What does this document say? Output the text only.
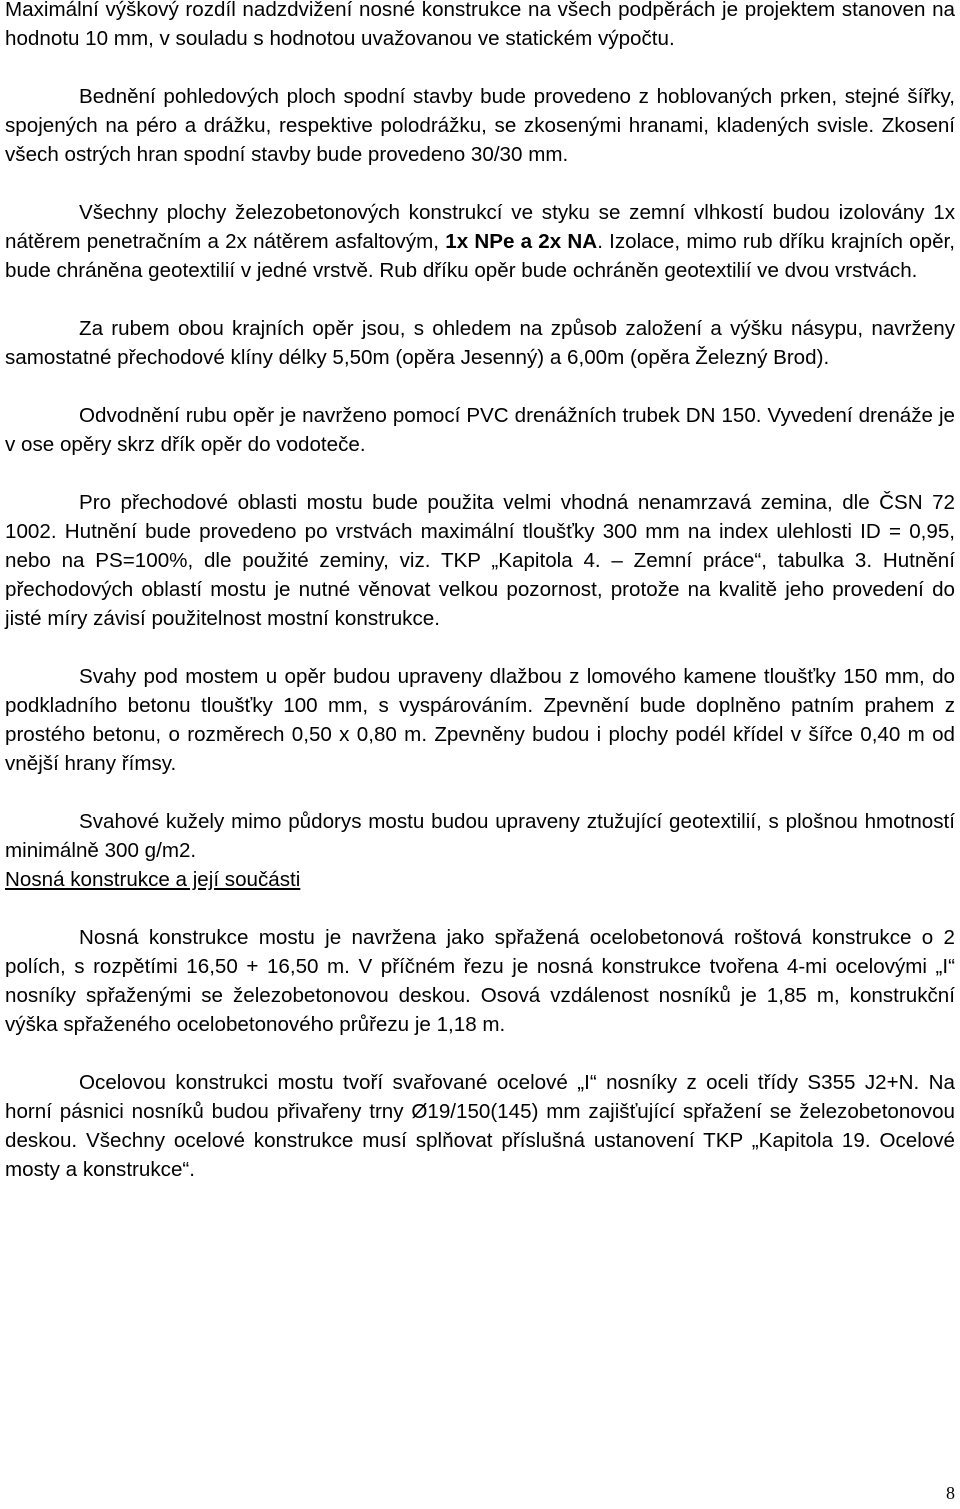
Maximální výškový rozdíl nadzdvižení nosné konstrukce na všech podpěrách je projektem stanoven na hodnotu 10 mm, v souladu s hodnotou uvažovanou ve statickém výpočtu.

Bednění pohledových ploch spodní stavby bude provedeno z hoblovaných prken, stejné šířky, spojených na péro a drážku, respektive polodrážku, se zkosenými hranami, kladených svisle. Zkosení všech ostrých hran spodní stavby bude provedeno 30/30 mm.

Všechny plochy železobetonových konstrukcí ve styku se zemní vlhkostí budou izolovány 1x nátěrem penetračním a 2x nátěrem asfaltovým, 1x NPe a 2x NA. Izolace, mimo rub dříku krajních opěr, bude chráněna geotextilií v jedné vrstvě. Rub dříku opěr bude ochráněn geotextilií ve dvou vrstvách.

Za rubem obou krajních opěr jsou, s ohledem na způsob založení a výšku násypu, navrženy samostatné přechodové klíny délky 5,50m (opěra Jesenný) a 6,00m (opěra Železný Brod).

Odvodnění rubu opěr je navrženo pomocí PVC drenážních trubek DN 150. Vyvedení drenáže je v ose opěry skrz dřík opěr do vodoteče.

Pro přechodové oblasti mostu bude použita velmi vhodná nenamrzavá zemina, dle ČSN 72 1002. Hutnění bude provedeno po vrstvách maximální tloušťky 300 mm na index ulehlosti ID = 0,95, nebo na PS=100%, dle použité zeminy, viz. TKP „Kapitola 4. – Zemní práce“, tabulka 3. Hutnění přechodových oblastí mostu je nutné věnovat velkou pozornost, protože na kvalitě jeho provedení do jisté míry závisí použitelnost mostní konstrukce.

Svahy pod mostem u opěr budou upraveny dlažbou z lomového kamene tloušťky 150 mm, do podkladního betonu tloušťky 100 mm, s vyspárováním. Zpevnění bude doplněno patním prahem z prostého betonu, o rozměrech 0,50 x 0,80 m. Zpevněny budou i plochy podél křídel v šířce 0,40 m od vnější hrany římsy.

Svahové kužely mimo půdorys mostu budou upraveny ztužující geotextilií, s plošnou hmotností minimálně 300 g/m2.

Nosná konstrukce a její součásti

Nosná konstrukce mostu je navržena jako spřažená ocelobetonová roštová konstrukce o 2 polích, s rozpětími 16,50 + 16,50 m. V příčném řezu je nosná konstrukce tvořena 4-mi ocelovými „I“ nosníky spřaženými se železobetonovou deskou. Osová vzdálenost nosníků je 1,85 m, konstrukční výška spřaženého ocelobetonového průřezu je 1,18 m.

Ocelovou konstrukci mostu tvoří svařované ocelové „I“ nosníky z oceli třídy S355 J2+N. Na horní pásnici nosníků budou přivařeny trny Ø19/150(145) mm zajišťující spřažení se železobetonovou deskou. Všechny ocelové konstrukce musí splňovat příslušná ustanovení TKP „Kapitola 19. Ocelové mosty a konstrukce“.

8
